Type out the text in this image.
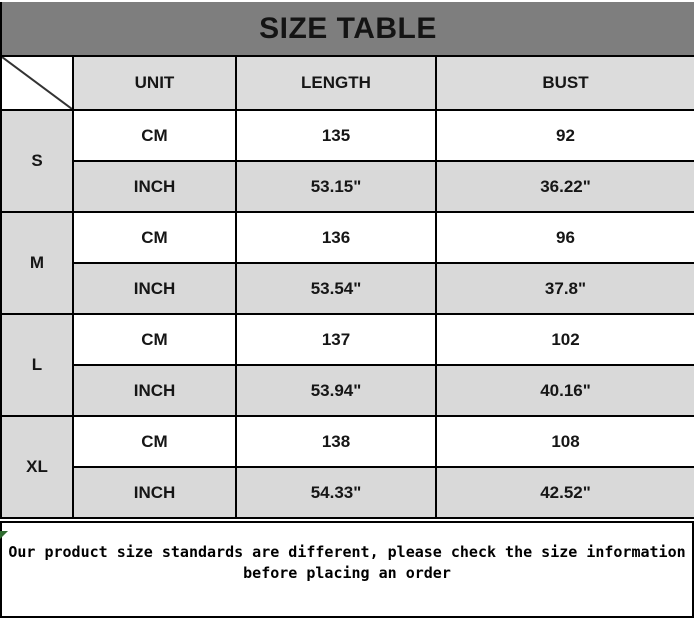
SIZE TABLE
	UNIT	LENGTH	BUST
S	CM	135	92
	INCH	53.15"	36.22"
M	CM	136	96
	INCH	53.54"	37.8"
L	CM	137	102
	INCH	53.94"	40.16"
XL	CM	138	108
	INCH	54.33"	42.52"
Our product size standards are different, please check the size information
before placing an order
